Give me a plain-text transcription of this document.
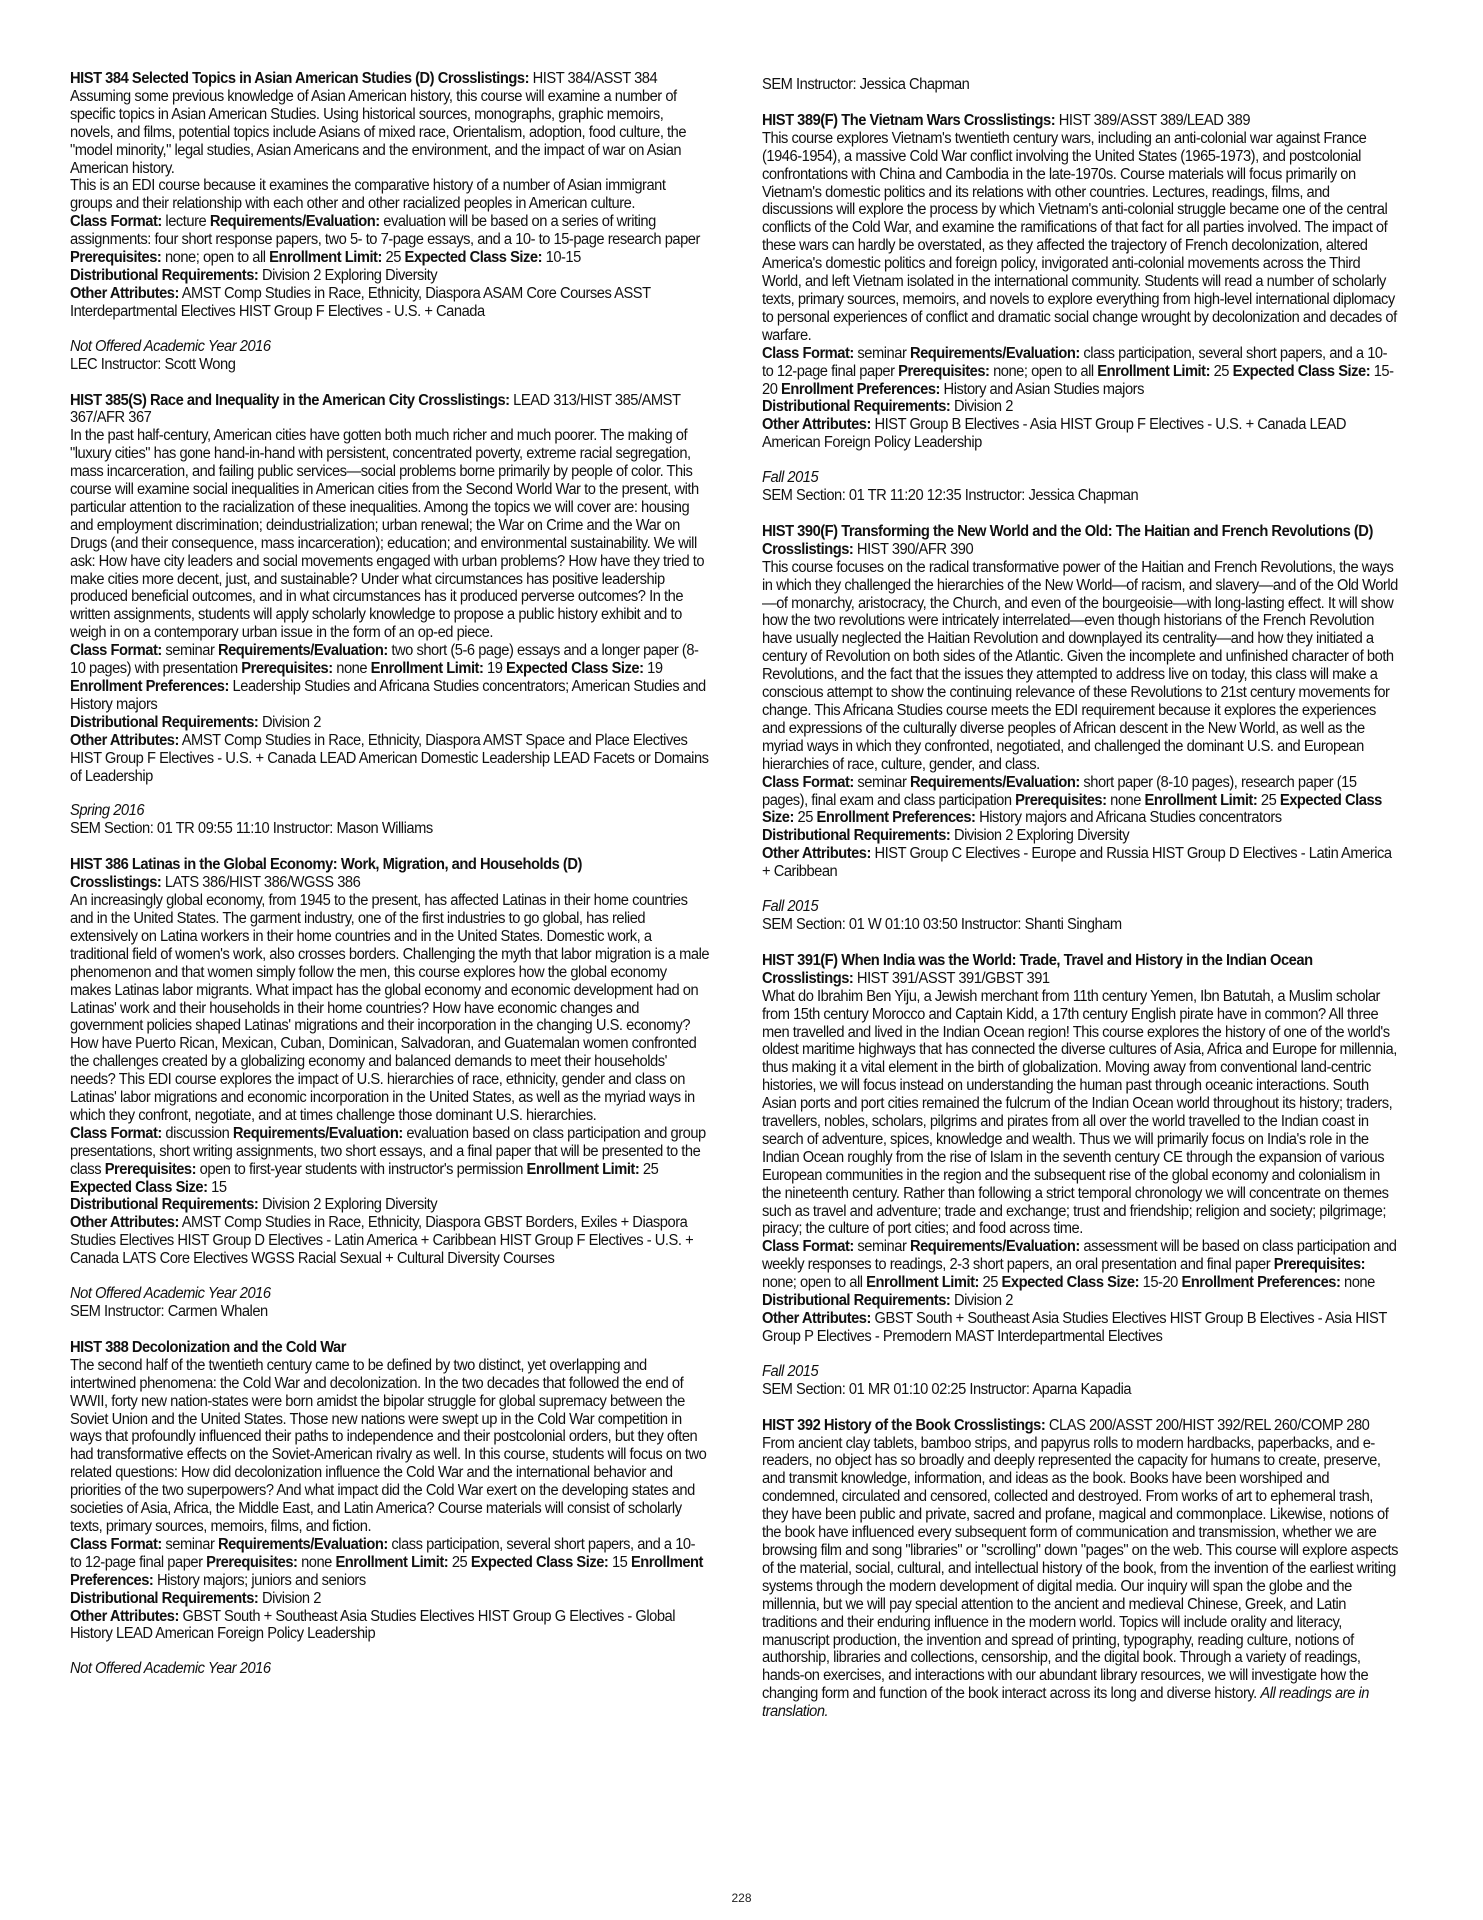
HIST 384 Selected Topics in Asian American Studies (D) Crosslistings: HIST 384/ASST 384

Assuming some previous knowledge of Asian American history, this course will examine a number of specific topics in Asian American Studies. Using historical sources, monographs, graphic memoirs, novels, and films, potential topics include Asians of mixed race, Orientalism, adoption, food culture, the "model minority," legal studies, Asian Americans and the environment, and the impact of war on Asian American history.

This is an EDI course because it examines the comparative history of a number of Asian immigrant groups and their relationship with each other and other racialized peoples in American culture.

Class Format: lecture Requirements/Evaluation: evaluation will be based on a series of writing assignments: four short response papers, two 5- to 7-page essays, and a 10- to 15-page research paper Prerequisites: none; open to all Enrollment Limit: 25 Expected Class Size: 10-15
Distributional Requirements: Division 2 Exploring Diversity
Other Attributes: AMST Comp Studies in Race, Ethnicity, Diaspora ASAM Core Courses ASST Interdepartmental Electives HIST Group F Electives - U.S. + Canada
Not Offered Academic Year 2016
LEC Instructor: Scott Wong
HIST 385(S) Race and Inequality in the American City Crosslistings: LEAD 313/HIST 385/AMST 367/AFR 367

In the past half-century, American cities have gotten both much richer and much poorer. The making of "luxury cities" has gone hand-in-hand with persistent, concentrated poverty, extreme racial segregation, mass incarceration, and failing public services—social problems borne primarily by people of color. This course will examine social inequalities in American cities from the Second World War to the present, with particular attention to the racialization of these inequalities. Among the topics we will cover are: housing and employment discrimination; deindustrialization; urban renewal; the War on Crime and the War on Drugs (and their consequence, mass incarceration); education; and environmental sustainability. We will ask: How have city leaders and social movements engaged with urban problems? How have they tried to make cities more decent, just, and sustainable? Under what circumstances has positive leadership produced beneficial outcomes, and in what circumstances has it produced perverse outcomes? In the written assignments, students will apply scholarly knowledge to propose a public history exhibit and to weigh in on a contemporary urban issue in the form of an op-ed piece.

Class Format: seminar Requirements/Evaluation: two short (5-6 page) essays and a longer paper (8-10 pages) with presentation Prerequisites: none Enrollment Limit: 19 Expected Class Size: 19 Enrollment Preferences: Leadership Studies and Africana Studies concentrators; American Studies and History majors
Distributional Requirements: Division 2
Other Attributes: AMST Comp Studies in Race, Ethnicity, Diaspora AMST Space and Place Electives HIST Group F Electives - U.S. + Canada LEAD American Domestic Leadership LEAD Facets or Domains of Leadership
Spring 2016
SEM Section: 01 TR 09:55 11:10 Instructor: Mason Williams
HIST 386 Latinas in the Global Economy: Work, Migration, and Households (D)
Crosslistings: LATS 386/HIST 386/WGSS 386

An increasingly global economy, from 1945 to the present, has affected Latinas in their home countries and in the United States. The garment industry, one of the first industries to go global, has relied extensively on Latina workers in their home countries and in the United States. Domestic work, a traditional field of women's work, also crosses borders. Challenging the myth that labor migration is a male phenomenon and that women simply follow the men, this course explores how the global economy makes Latinas labor migrants. What impact has the global economy and economic development had on Latinas' work and their households in their home countries? How have economic changes and government policies shaped Latinas' migrations and their incorporation in the changing U.S. economy? How have Puerto Rican, Mexican, Cuban, Dominican, Salvadoran, and Guatemalan women confronted the challenges created by a globalizing economy and balanced demands to meet their households' needs? This EDI course explores the impact of U.S. hierarchies of race, ethnicity, gender and class on Latinas' labor migrations and economic incorporation in the United States, as well as the myriad ways in which they confront, negotiate, and at times challenge those dominant U.S. hierarchies.

Class Format: discussion Requirements/Evaluation: evaluation based on class participation and group presentations, short writing assignments, two short essays, and a final paper that will be presented to the class Prerequisites: open to first-year students with instructor's permission Enrollment Limit: 25 Expected Class Size: 15
Distributional Requirements: Division 2 Exploring Diversity
Other Attributes: AMST Comp Studies in Race, Ethnicity, Diaspora GBST Borders, Exiles + Diaspora Studies Electives HIST Group D Electives - Latin America + Caribbean HIST Group F Electives - U.S. + Canada LATS Core Electives WGSS Racial Sexual + Cultural Diversity Courses
Not Offered Academic Year 2016
SEM Instructor: Carmen Whalen
HIST 388 Decolonization and the Cold War

The second half of the twentieth century came to be defined by two distinct, yet overlapping and intertwined phenomena: the Cold War and decolonization. In the two decades that followed the end of WWII, forty new nation-states were born amidst the bipolar struggle for global supremacy between the Soviet Union and the United States. Those new nations were swept up in the Cold War competition in ways that profoundly influenced their paths to independence and their postcolonial orders, but they often had transformative effects on the Soviet-American rivalry as well. In this course, students will focus on two related questions: How did decolonization influence the Cold War and the international behavior and priorities of the two superpowers? And what impact did the Cold War exert on the developing states and societies of Asia, Africa, the Middle East, and Latin America? Course materials will consist of scholarly texts, primary sources, memoirs, films, and fiction.

Class Format: seminar Requirements/Evaluation: class participation, several short papers, and a 10- to 12-page final paper Prerequisites: none Enrollment Limit: 25 Expected Class Size: 15 Enrollment Preferences: History majors; juniors and seniors
Distributional Requirements: Division 2
Other Attributes: GBST South + Southeast Asia Studies Electives HIST Group G Electives - Global History LEAD American Foreign Policy Leadership
Not Offered Academic Year 2016
SEM Instructor: Jessica Chapman
HIST 389(F) The Vietnam Wars Crosslistings: HIST 389/ASST 389/LEAD 389

This course explores Vietnam's twentieth century wars, including an anti-colonial war against France (1946-1954), a massive Cold War conflict involving the United States (1965-1973), and postcolonial confrontations with China and Cambodia in the late-1970s. Course materials will focus primarily on Vietnam's domestic politics and its relations with other countries. Lectures, readings, films, and discussions will explore the process by which Vietnam's anti-colonial struggle became one of the central conflicts of the Cold War, and examine the ramifications of that fact for all parties involved. The impact of these wars can hardly be overstated, as they affected the trajectory of French decolonization, altered America's domestic politics and foreign policy, invigorated anti-colonial movements across the Third World, and left Vietnam isolated in the international community. Students will read a number of scholarly texts, primary sources, memoirs, and novels to explore everything from high-level international diplomacy to personal experiences of conflict and dramatic social change wrought by decolonization and decades of warfare.

Class Format: seminar Requirements/Evaluation: class participation, several short papers, and a 10- to 12-page final paper Prerequisites: none; open to all Enrollment Limit: 25 Expected Class Size: 15-20 Enrollment Preferences: History and Asian Studies majors
Distributional Requirements: Division 2
Other Attributes: HIST Group B Electives - Asia HIST Group F Electives - U.S. + Canada LEAD American Foreign Policy Leadership
Fall 2015
SEM Section: 01 TR 11:20 12:35 Instructor: Jessica Chapman
HIST 390(F) Transforming the New World and the Old: The Haitian and French Revolutions (D) Crosslistings: HIST 390/AFR 390

This course focuses on the radical transformative power of the Haitian and French Revolutions, the ways in which they challenged the hierarchies of the New World—of racism, and slavery—and of the Old World—of monarchy, aristocracy, the Church, and even of the bourgeoisie—with long-lasting effect. It will show how the two revolutions were intricately interrelated—even though historians of the French Revolution have usually neglected the Haitian Revolution and downplayed its centrality—and how they initiated a century of Revolution on both sides of the Atlantic. Given the incomplete and unfinished character of both Revolutions, and the fact that the issues they attempted to address live on today, this class will make a conscious attempt to show the continuing relevance of these Revolutions to 21st century movements for change. This Africana Studies course meets the EDI requirement because it explores the experiences and expressions of the culturally diverse peoples of African descent in the New World, as well as the myriad ways in which they confronted, negotiated, and challenged the dominant U.S. and European hierarchies of race, culture, gender, and class.

Class Format: seminar Requirements/Evaluation: short paper (8-10 pages), research paper (15 pages), final exam and class participation Prerequisites: none Enrollment Limit: 25 Expected Class Size: 25 Enrollment Preferences: History majors and Africana Studies concentrators
Distributional Requirements: Division 2 Exploring Diversity
Other Attributes: HIST Group C Electives - Europe and Russia HIST Group D Electives - Latin America + Caribbean
Fall 2015
SEM Section: 01 W 01:10 03:50 Instructor: Shanti Singham
HIST 391(F) When India was the World: Trade, Travel and History in the Indian Ocean
Crosslistings: HIST 391/ASST 391/GBST 391

What do Ibrahim Ben Yiju, a Jewish merchant from 11th century Yemen, Ibn Batutah, a Muslim scholar from 15th century Morocco and Captain Kidd, a 17th century English pirate have in common? All three men travelled and lived in the Indian Ocean region! This course explores the history of one of the world's oldest maritime highways that has connected the diverse cultures of Asia, Africa and Europe for millennia, thus making it a vital element in the birth of globalization. Moving away from conventional land-centric histories, we will focus instead on understanding the human past through oceanic interactions. South Asian ports and port cities remained the fulcrum of the Indian Ocean world throughout its history; traders, travellers, nobles, scholars, pilgrims and pirates from all over the world travelled to the Indian coast in search of adventure, spices, knowledge and wealth. Thus we will primarily focus on India's role in the Indian Ocean roughly from the rise of Islam in the seventh century CE through the expansion of various European communities in the region and the subsequent rise of the global economy and colonialism in the nineteenth century. Rather than following a strict temporal chronology we will concentrate on themes such as travel and adventure; trade and exchange; trust and friendship; religion and society; pilgrimage; piracy; the culture of port cities; and food across time.

Class Format: seminar Requirements/Evaluation: assessment will be based on class participation and weekly responses to readings, 2-3 short papers, an oral presentation and final paper Prerequisites: none; open to all Enrollment Limit: 25 Expected Class Size: 15-20 Enrollment Preferences: none
Distributional Requirements: Division 2
Other Attributes: GBST South + Southeast Asia Studies Electives HIST Group B Electives - Asia HIST Group P Electives - Premodern MAST Interdepartmental Electives
Fall 2015
SEM Section: 01 MR 01:10 02:25 Instructor: Aparna Kapadia
HIST 392 History of the Book Crosslistings: CLAS 200/ASST 200/HIST 392/REL 260/COMP 280

From ancient clay tablets, bamboo strips, and papyrus rolls to modern hardbacks, paperbacks, and e-readers, no object has so broadly and deeply represented the capacity for humans to create, preserve, and transmit knowledge, information, and ideas as the book. Books have been worshiped and condemned, circulated and censored, collected and destroyed. From works of art to ephemeral trash, they have been public and private, sacred and profane, magical and commonplace. Likewise, notions of the book have influenced every subsequent form of communication and transmission, whether we are browsing film and song "libraries" or "scrolling" down "pages" on the web. This course will explore aspects of the material, social, cultural, and intellectual history of the book, from the invention of the earliest writing systems through the modern development of digital media. Our inquiry will span the globe and the millennia, but we will pay special attention to the ancient and medieval Chinese, Greek, and Latin traditions and their enduring influence in the modern world. Topics will include orality and literacy, manuscript production, the invention and spread of printing, typography, reading culture, notions of authorship, libraries and collections, censorship, and the digital book. Through a variety of readings, hands-on exercises, and interactions with our abundant library resources, we will investigate how the changing form and function of the book interact across its long and diverse history. All readings are in translation.

228
